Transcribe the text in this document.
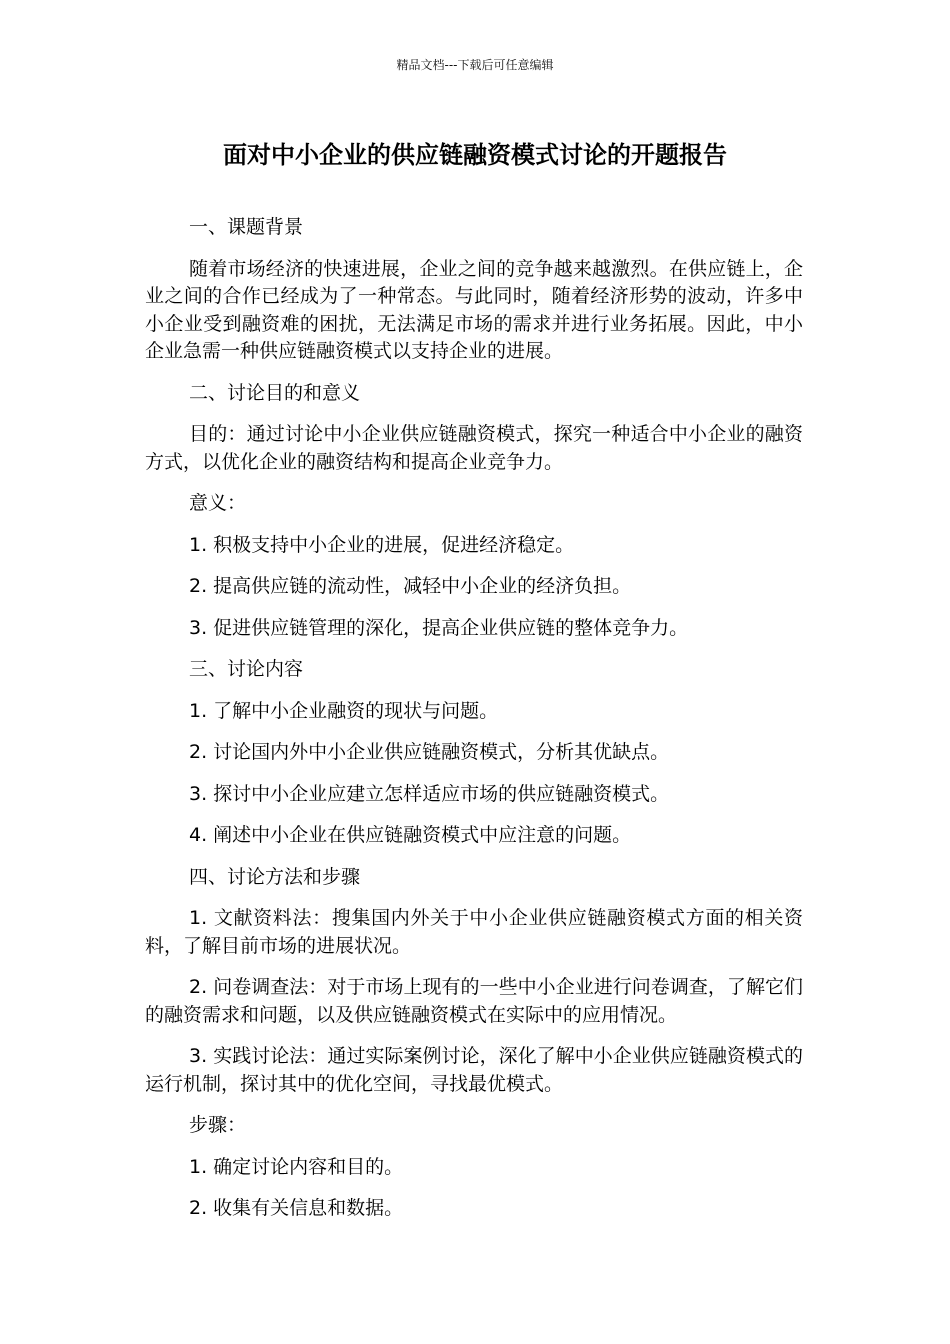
精品文档---下载后可任意编辑
面对中小企业的供应链融资模式讨论的开题报告

一、课题背景

随着市场经济的快速进展，企业之间的竞争越来越激烈。在供应链上，企业之间的合作已经成为了一种常态。与此同时，随着经济形势的波动，许多中小企业受到融资难的困扰，无法满足市场的需求并进行业务拓展。因此，中小企业急需一种供应链融资模式以支持企业的进展。

二、讨论目的和意义

目的：通过讨论中小企业供应链融资模式，探究一种适合中小企业的融资方式，以优化企业的融资结构和提高企业竞争力。

意义：

1. 积极支持中小企业的进展，促进经济稳定。

2. 提高供应链的流动性，减轻中小企业的经济负担。

3. 促进供应链管理的深化，提高企业供应链的整体竞争力。

三、讨论内容

1. 了解中小企业融资的现状与问题。

2. 讨论国内外中小企业供应链融资模式，分析其优缺点。

3. 探讨中小企业应建立怎样适应市场的供应链融资模式。

4. 阐述中小企业在供应链融资模式中应注意的问题。

四、讨论方法和步骤

1. 文献资料法：搜集国内外关于中小企业供应链融资模式方面的相关资料，了解目前市场的进展状况。

2. 问卷调查法：对于市场上现有的一些中小企业进行问卷调查，了解它们的融资需求和问题，以及供应链融资模式在实际中的应用情况。

3. 实践讨论法：通过实际案例讨论，深化了解中小企业供应链融资模式的运行机制，探讨其中的优化空间，寻找最优模式。

步骤：

1. 确定讨论内容和目的。

2. 收集有关信息和数据。
